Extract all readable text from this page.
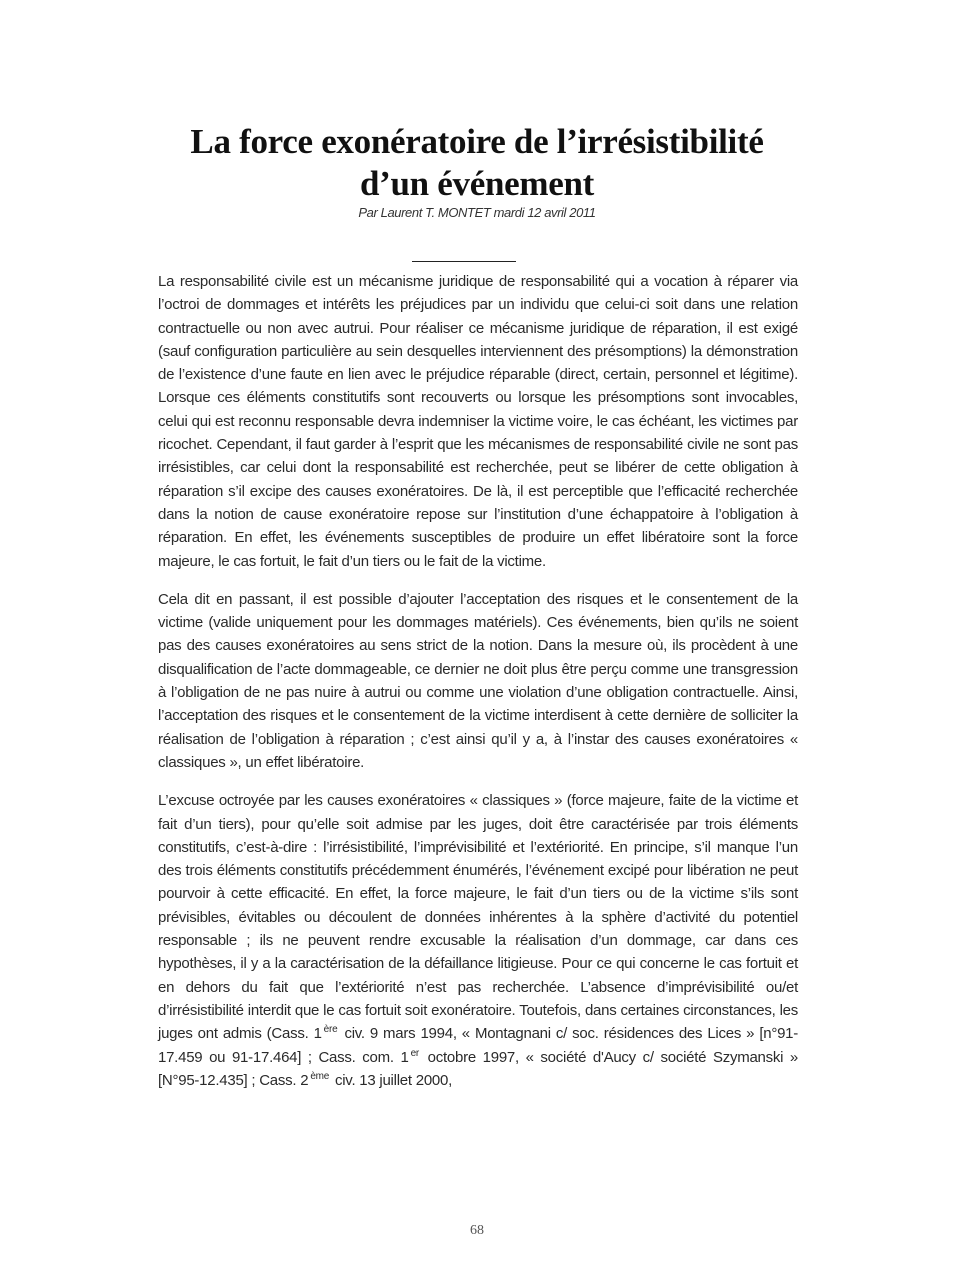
La force exonératoire de l’irrésistibilité
d’un événement
Par Laurent T. MONTET mardi 12 avril 2011

La responsabilité civile est un mécanisme juridique de responsabilité qui a vocation à réparer via l’octroi de dommages et intérêts les préjudices par un individu que celui-ci soit dans une relation contractuelle ou non avec autrui. Pour réaliser ce mécanisme juridique de réparation, il est exigé (sauf configuration particulière au sein desquelles interviennent des présomptions) la démonstration de l’existence d’une faute en lien avec le préjudice réparable (direct, certain, personnel et légitime). Lorsque ces éléments constitutifs sont recouverts ou lorsque les présomptions sont invocables, celui qui est reconnu responsable devra indemniser la victime voire, le cas échéant, les victimes par ricochet. Cependant, il faut garder à l’esprit que les mécanismes de responsabilité civile ne sont pas irrésistibles, car celui dont la responsabilité est recherchée, peut se libérer de cette obligation à réparation s’il excipe des causes exonératoires. De là, il est perceptible que l’efficacité recherchée dans la notion de cause exonératoire repose sur l’institution d’une échappatoire à l’obligation à réparation. En effet, les événements susceptibles de produire un effet libératoire sont la force majeure, le cas fortuit, le fait d’un tiers ou le fait de la victime.

Cela dit en passant, il est possible d’ajouter l’acceptation des risques et le consentement de la victime (valide uniquement pour les dommages matériels). Ces événements, bien qu’ils ne soient pas des causes exonératoires au sens strict de la notion. Dans la mesure où, ils procèdent à une disqualification de l’acte dommageable, ce dernier ne doit plus être perçu comme une transgression à l’obligation de ne pas nuire à autrui ou comme une violation d’une obligation contractuelle. Ainsi, l’acceptation des risques et le consentement de la victime interdisent à cette dernière de solliciter la réalisation de l’obligation à réparation ; c’est ainsi qu’il y a, à l’instar des causes exonératoires « classiques », un effet libératoire.

L’excuse octroyée par les causes exonératoires « classiques » (force majeure, faite de la victime et fait d’un tiers), pour qu’elle soit admise par les juges, doit être caractérisée par trois éléments constitutifs, c’est-à-dire : l’irrésistibilité, l’imprévisibilité et l’extériorité. En principe, s’il manque l’un des trois éléments constitutifs précédemment énumérés, l’événement excipé pour libération ne peut pourvoir à cette efficacité. En effet, la force majeure, le fait d’un tiers ou de la victime s’ils sont prévisibles, évitables ou découlent de données inhérentes à la sphère d’activité du potentiel responsable ; ils ne peuvent rendre excusable la réalisation d’un dommage, car dans ces hypothèses, il y a la caractérisation de la défaillance litigieuse. Pour ce qui concerne le cas fortuit et en dehors du fait que l’extériorité n’est pas recherchée. L’absence d’imprévisibilité ou/et d’irrésistibilité interdit que le cas fortuit soit exonératoire. Toutefois, dans certaines circonstances, les juges ont admis (Cass. 1 $^{ère}$ civ. 9 mars 1994, « Montagnani c/ soc. résidences des Lices » [n°91-17.459 ou 91-17.464] ; Cass. com. 1 $^{er}$ octobre 1997, « société d'Aucy c/ société Szymanski » [N°95-12.435] ; Cass. 2 $^{ème}$ civ. 13 juillet 2000,

68
